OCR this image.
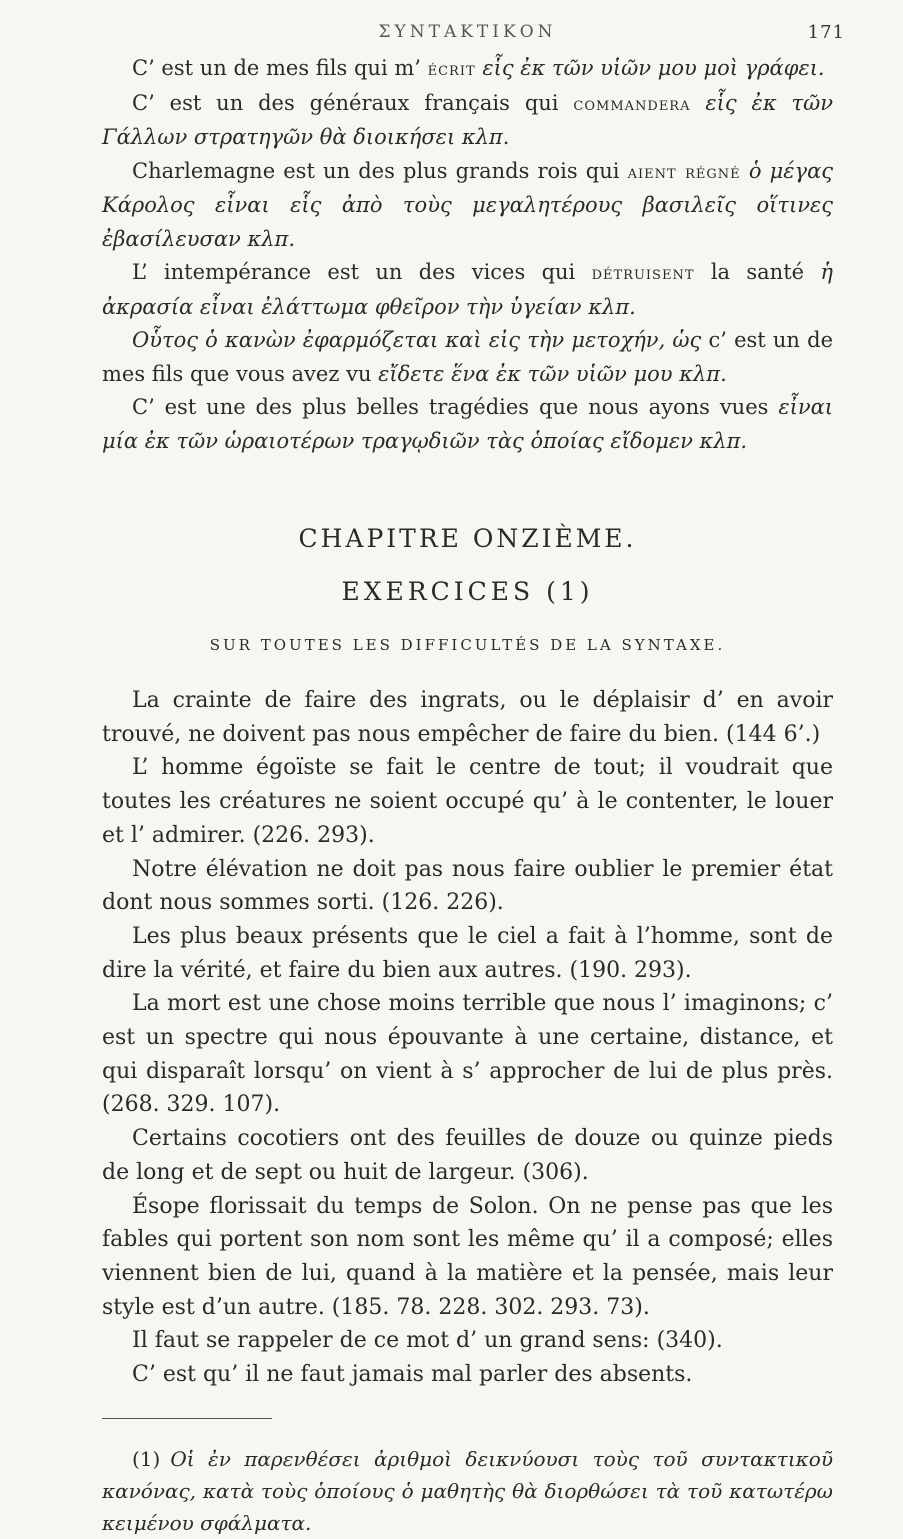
ΣΥΝΤΑΚΤΙΚΟΝ	171

C’ est un de mes fils qui m’ écrit εἷς ἐκ τῶν υἱῶν μου μοὶ γράφει.

C’ est un des généraux français qui commandera εἷς ἐκ τῶν Γάλλων στρατηγῶν θὰ διοικήσει κλπ.

Charlemagne est un des plus grands rois qui aient régné ὁ μέγας Κάρολος εἶναι εἷς ἀπὸ τοὺς μεγαλητέρους βασιλεῖς οἵτινες ἐβασίλευσαν κλπ.

L’ intempérance est un des vices qui détruisent la santé ἡ ἀκρασία εἶναι ἐλάττωμα φθεῖρον τὴν ὑγείαν κλπ.

Οὗτος ὁ κανὼν ἐφαρμόζεται καὶ εἰς τὴν μετοχήν, ὡς c’ est un de mes fils que vous avez vu εἴδετε ἕνα ἐκ τῶν υἱῶν μου κλπ.

C’ est une des plus belles tragédies que nous ayons vues εἶναι μία ἐκ τῶν ὡραιοτέρων τραγῳδιῶν τὰς ὁποίας εἴδομεν κλπ.

CHAPITRE ONZIÈME.
EXERCICES (1)
SUR TOUTES LES DIFFICULTÉS DE LA SYNTAXE.

La crainte de faire des ingrats, ou le déplaisir d’ en avoir trouvé, ne doivent pas nous empêcher de faire du bien. (144 6’.)

L’ homme égoïste se fait le centre de tout; il voudrait que toutes les créatures ne soient occupé qu’ à le contenter, le louer et l’ admirer. (226. 293).

Notre élévation ne doit pas nous faire oublier le premier état dont nous sommes sorti. (126. 226).

Les plus beaux présents que le ciel a fait à l’homme, sont de dire la vérité, et faire du bien aux autres. (190. 293).

La mort est une chose moins terrible que nous l’ imaginons; c’ est un spectre qui nous épouvante à une certaine, distance, et qui disparaît lorsqu’ on vient à s’ approcher de lui de plus près. (268. 329. 107).

Certains cocotiers ont des feuilles de douze ou quinze pieds de long et de sept ou huit de largeur. (306).

Ésope florissait du temps de Solon. On ne pense pas que les fables qui portent son nom sont les même qu’ il a composé; elles viennent bien de lui, quand à la matière et la pensée, mais leur style est d’un autre. (185. 78. 228. 302. 293. 73).

Il faut se rappeler de ce mot d’ un grand sens: (340).

C’ est qu’ il ne faut jamais mal parler des absents.

(1) Οἱ ἐν παρενθέσει ἀριθμοὶ δεικνύουσι τοὺς τοῦ συντακτικοῦ κανόνας, κατὰ τοὺς ὁποίους ὁ μαθητὴς θὰ διορθώσει τὰ τοῦ κατωτέρω κειμένου σφάλματα.
